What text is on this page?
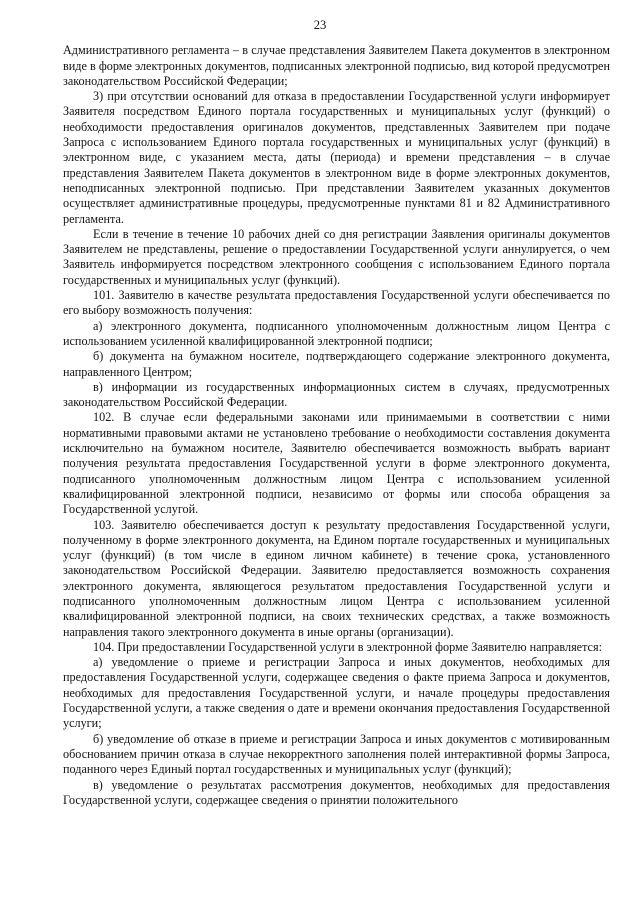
23

Административного регламента – в случае представления Заявителем Пакета документов в электронном виде в форме электронных документов, подписанных электронной подписью, вид которой предусмотрен законодательством Российской Федерации;

3) при отсутствии оснований для отказа в предоставлении Государственной услуги информирует Заявителя посредством Единого портала государственных и муниципальных услуг (функций) о необходимости предоставления оригиналов документов, представленных Заявителем при подаче Запроса с использованием Единого портала государственных и муниципальных услуг (функций) в электронном виде, с указанием места, даты (периода) и времени представления – в случае представления Заявителем Пакета документов в электронном виде в форме электронных документов, неподписанных электронной подписью. При представлении Заявителем указанных документов осуществляет административные процедуры, предусмотренные пунктами 81 и 82 Административного регламента.

Если в течение в течение 10 рабочих дней со дня регистрации Заявления оригиналы документов Заявителем не представлены, решение о предоставлении Государственной услуги аннулируется, о чем Заявитель информируется посредством электронного сообщения с использованием Единого портала государственных и муниципальных услуг (функций).

101. Заявителю в качестве результата предоставления Государственной услуги обеспечивается по его выбору возможность получения:

а) электронного документа, подписанного уполномоченным должностным лицом Центра с использованием усиленной квалифицированной электронной подписи;

б) документа на бумажном носителе, подтверждающего содержание электронного документа, направленного Центром;

в) информации из государственных информационных систем в случаях, предусмотренных законодательством Российской Федерации.

102. В случае если федеральными законами или принимаемыми в соответствии с ними нормативными правовыми актами не установлено требование о необходимости составления документа исключительно на бумажном носителе, Заявителю обеспечивается возможность выбрать вариант получения результата предоставления Государственной услуги в форме электронного документа, подписанного уполномоченным должностным лицом Центра с использованием усиленной квалифицированной электронной подписи, независимо от формы или способа обращения за Государственной услугой.

103. Заявителю обеспечивается доступ к результату предоставления Государственной услуги, полученному в форме электронного документа, на Едином портале государственных и муниципальных услуг (функций) (в том числе в едином личном кабинете) в течение срока, установленного законодательством Российской Федерации. Заявителю предоставляется возможность сохранения электронного документа, являющегося результатом предоставления Государственной услуги и подписанного уполномоченным должностным лицом Центра с использованием усиленной квалифицированной электронной подписи, на своих технических средствах, а также возможность направления такого электронного документа в иные органы (организации).

104. При предоставлении Государственной услуги в электронной форме Заявителю направляется:

а) уведомление о приеме и регистрации Запроса и иных документов, необходимых для предоставления Государственной услуги, содержащее сведения о факте приема Запроса и документов, необходимых для предоставления Государственной услуги, и начале процедуры предоставления Государственной услуги, а также сведения о дате и времени окончания предоставления Государственной услуги;

б) уведомление об отказе в приеме и регистрации Запроса и иных документов с мотивированным обоснованием причин отказа в случае некорректного заполнения полей интерактивной формы Запроса, поданного через Единый портал государственных и муниципальных услуг (функций);

в) уведомление о результатах рассмотрения документов, необходимых для предоставления Государственной услуги, содержащее сведения о принятии положительного
